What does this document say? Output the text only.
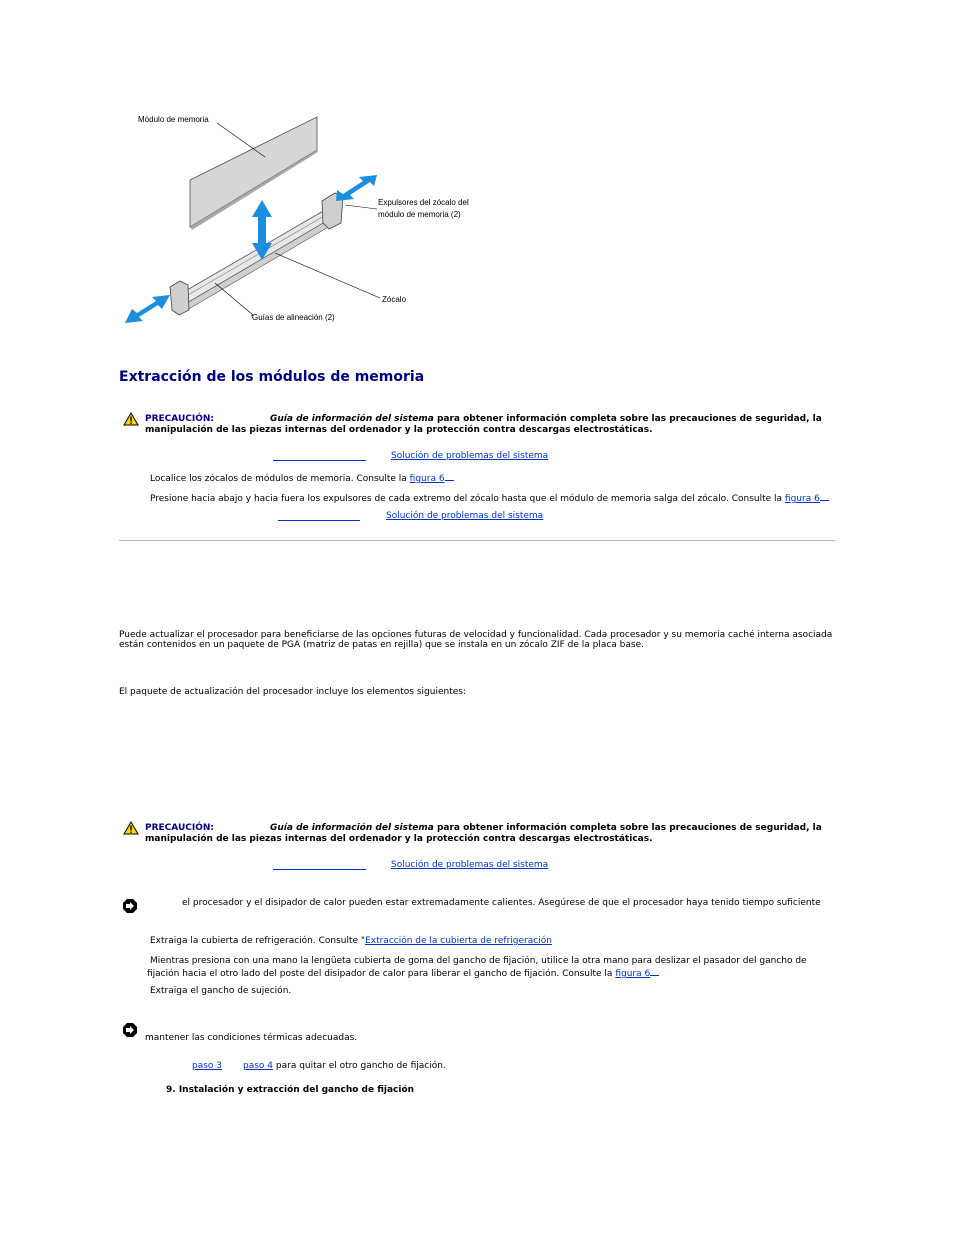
Módulo de memoria
Expulsores del zócalo del
módulo de memoria (2)
Zócalo
Guías de alineación (2)
Extracción de los módulos de memoria
PRECAUCIÓN:	Guía de información del sistema para obtener información completa sobre las precauciones de seguridad, la
manipulación de las piezas internas del ordenador y la protección contra descargas electrostáticas.
Solución de problemas del sistema
Localice los zócalos de módulos de memoria. Consulte la figura 6
Presione hacia abajo y hacia fuera los expulsores de cada extremo del zócalo hasta que el módulo de memoria salga del zócalo. Consulte la figura 6
Solución de problemas del sistema
Puede actualizar el procesador para beneficiarse de las opciones futuras de velocidad y funcionalidad. Cada procesador y su memoria caché interna asociada
están contenidos en un paquete de PGA (matriz de patas en rejilla) que se instala en un zócalo ZIF de la placa base.
El paquete de actualización del procesador incluye los elementos siguientes:
PRECAUCIÓN:	Guía de información del sistema para obtener información completa sobre las precauciones de seguridad, la
manipulación de las piezas internas del ordenador y la protección contra descargas electrostáticas.
Solución de problemas del sistema
el procesador y el disipador de calor pueden estar extremadamente calientes. Asegúrese de que el procesador haya tenido tiempo suficiente
Extraiga la cubierta de refrigeración. Consulte "Extracción de la cubierta de refrigeración
Mientras presiona con una mano la lengüeta cubierta de goma del gancho de fijación, utilice la otra mano para deslizar el pasador del gancho de
fijación hacia el otro lado del poste del disipador de calor para liberar el gancho de fijación. Consulte la figura 6
Extraiga el gancho de sujeción.
mantener las condiciones térmicas adecuadas.
paso 3 paso 4 para quitar el otro gancho de fijación.
9. Instalación y extracción del gancho de fijación
